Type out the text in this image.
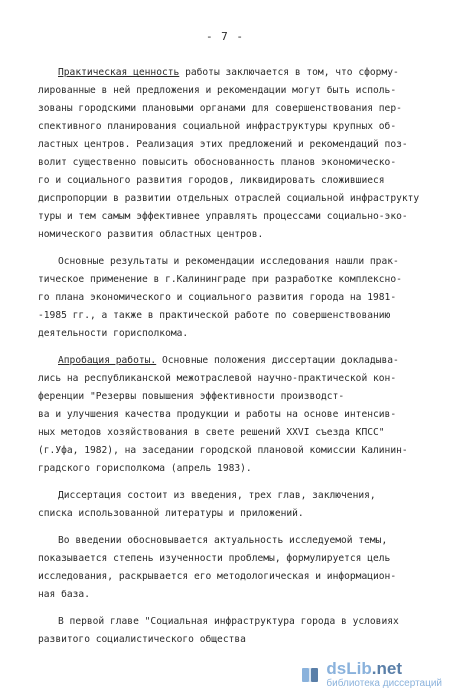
- 7 -
Практическая ценность работы заключается в том, что сформу-
лированные в ней предложения и рекомендации могут быть исполь-
зованы городскими плановыми органами для совершенствования пер-
спективного планирования социальной инфраструктуры крупных об-
ластных центров. Реализация этих предложений и рекомендаций поз-
волит существенно повысить обоснованность планов экономическо-
го и социального развития городов, ликвидировать сложившиеся
диспропорции в развитии отдельных отраслей социальной инфраструкту
туры и тем самым эффективнее управлять процессами социально-эко-
номического развития областных центров.
Основные результаты и рекомендации исследования нашли прак-
тическое применение в г.Калининграде при разработке комплексно-
го плана экономического и социального развития города на 1981-
-1985 гг., а также в практической работе по совершенствованию
деятельности горисполкома.
Апробация работы. Основные положения диссертации докладыва-
лись на республиканской межотраслевой научно-практической кон-
ференции "Резервы повышения эффективности производст-
ва и улучшения качества продукции и работы на основе интенсив-
ных методов хозяйствования в свете решений XXVI съезда КПСС"
(г.Уфа, 1982), на заседании городской плановой комиссии Калинин-
градского горисполкома (апрель 1983).
Диссертация состоит из введения, трех глав, заключения,
списка использованной литературы и приложений.
Во введении обосновывается актуальность исследуемой темы,
показывается степень изученности проблемы, формулируется цель
исследования, раскрывается его методологическая и информацион-
ная база.
В первой главе "Социальная инфраструктура города в условиях
развитого социалистического общества
dsLib.net
библиотека диссертаций
